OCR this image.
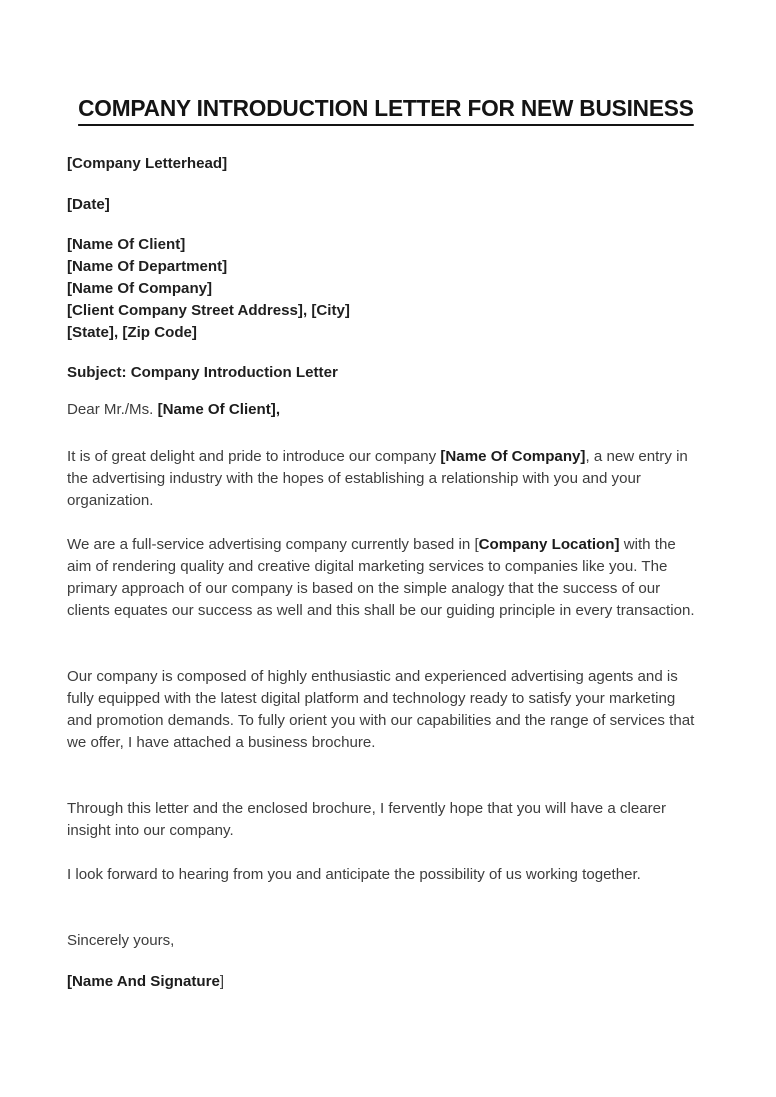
COMPANY INTRODUCTION LETTER FOR NEW BUSINESS
[Company Letterhead]
[Date]
[Name Of Client]
[Name Of Department]
[Name Of Company]
[Client Company Street Address], [City]
[State], [Zip Code]
Subject: Company Introduction Letter
Dear Mr./Ms. [Name Of Client],

It is of great delight and pride to introduce our company [Name Of Company], a new entry in the advertising industry with the hopes of establishing a relationship with you and your organization.

We are a full-service advertising company currently based in [Company Location] with the aim of rendering quality and creative digital marketing services to companies like you. The primary approach of our company is based on the simple analogy that the success of our clients equates our success as well and this shall be our guiding principle in every transaction.

Our company is composed of highly enthusiastic and experienced advertising agents and is fully equipped with the latest digital platform and technology ready to satisfy your marketing and promotion demands. To fully orient you with our capabilities and the range of services that we offer, I have attached a business brochure.

Through this letter and the enclosed brochure, I fervently hope that you will have a clearer insight into our company.

I look forward to hearing from you and anticipate the possibility of us working together.

Sincerely yours,
[Name And Signature]
